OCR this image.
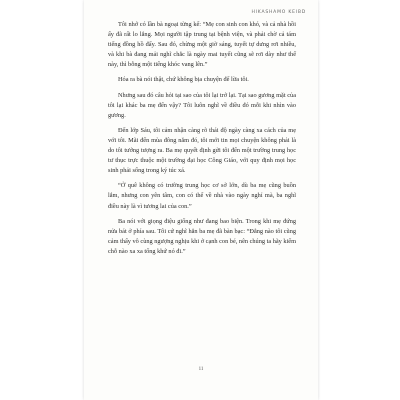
HIKASHAMO KEIBD

Tôi nhớ có lần bà ngoại từng kể: “Mẹ con sinh con khó, và cả nhà hồi ấy đã rất lo lắng. Mọi người tập trung tại bệnh viện, và phải chờ cả tám tiếng đồng hồ đấy. Sau đó, chừng một giờ sáng, tuyết tự dưng rơi nhiều, và khi bà đang mải nghĩ chắc là ngày mai tuyết cũng sẽ rơi dày như thế này, thì bỗng một tiếng khóc vang lên.”

Hóa ra bà nói thật, chứ không bịa chuyện để lừa tôi.

Nhưng sau đó câu hỏi tại sao của tôi lại trở lại. Tại sao gương mặt của tôi lại khác ba mẹ đến vậy? Tôi luôn nghĩ về điều đó mỗi khi nhìn vào gương.

Đến lớp Sáu, tôi cảm nhận càng rõ thái độ ngày càng xa cách của mẹ với tôi. Mãi đến mùa đông năm đó, tôi mới tin mọi chuyện không phải là do tôi tưởng tượng ra. Ba mẹ quyết định gửi tôi đến một trường trung học tư thục trực thuộc một trường đại học Công Giáo, với quy định mọi học sinh phải sống trong ký túc xá.

“Ở quê không có trường trung học cơ sở lớn, dù ba mẹ cũng buồn lắm, nhưng con yên tâm, con có thể về nhà vào ngày nghỉ mà, ba nghĩ điều này là vì tương lai của con.”

Ba nói với giọng điệu giống như đang bao biện. Trong khi mẹ đứng nửa bát ở phía sau. Tôi cứ nghĩ hẳn ba mẹ đã bàn bạc: “Đằng nào tôi cũng cảm thấy vô cùng ngượng nghịu khi ở cạnh con bé, nên chúng ta hãy kiếm chỗ nào xa xa tống khứ nó đi.”

11
